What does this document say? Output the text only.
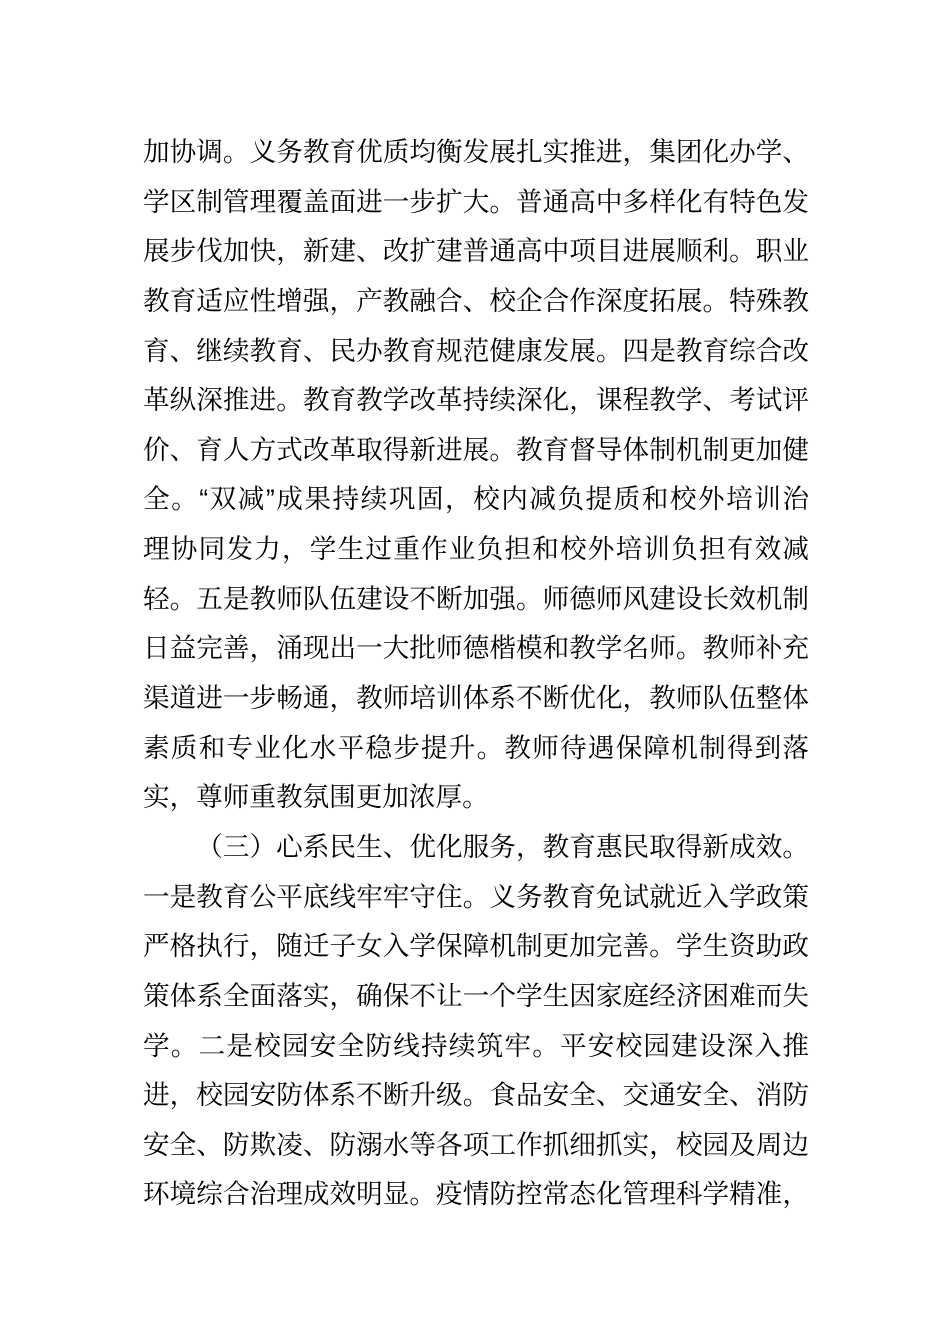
加协调。义务教育优质均衡发展扎实推进，集团化办学、
学区制管理覆盖面进一步扩大。普通高中多样化有特色发
展步伐加快，新建、改扩建普通高中项目进展顺利。职业
教育适应性增强，产教融合、校企合作深度拓展。特殊教
育、继续教育、民办教育规范健康发展。四是教育综合改
革纵深推进。教育教学改革持续深化，课程教学、考试评
价、育人方式改革取得新进展。教育督导体制机制更加健
全。“双减”成果持续巩固，校内减负提质和校外培训治
理协同发力，学生过重作业负担和校外培训负担有效减
轻。五是教师队伍建设不断加强。师德师风建设长效机制
日益完善，涌现出一大批师德楷模和教学名师。教师补充
渠道进一步畅通，教师培训体系不断优化，教师队伍整体
素质和专业化水平稳步提升。教师待遇保障机制得到落
实，尊师重教氛围更加浓厚。
（三）心系民生、优化服务，教育惠民取得新成效。
一是教育公平底线牢牢守住。义务教育免试就近入学政策
严格执行，随迁子女入学保障机制更加完善。学生资助政
策体系全面落实，确保不让一个学生因家庭经济困难而失
学。二是校园安全防线持续筑牢。平安校园建设深入推
进，校园安防体系不断升级。食品安全、交通安全、消防
安全、防欺凌、防溺水等各项工作抓细抓实，校园及周边
环境综合治理成效明显。疫情防控常态化管理科学精准，
